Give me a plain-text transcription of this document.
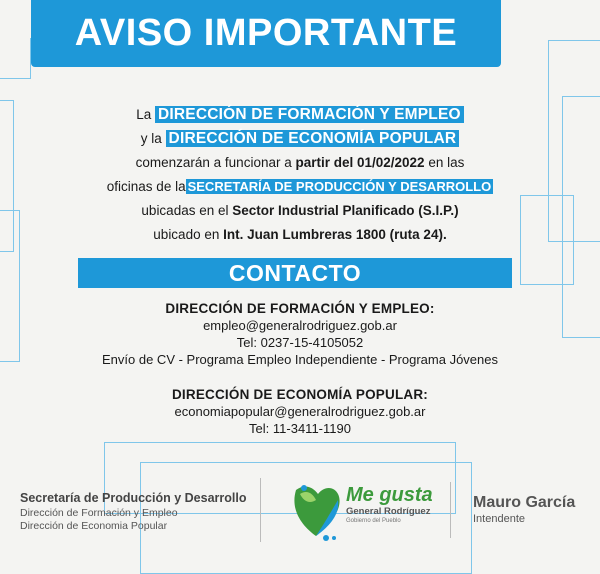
AVISO IMPORTANTE
La DIRECCIÓN DE FORMACIÓN Y EMPLEO
y la DIRECCIÓN DE ECONOMÍA POPULAR
comenzarán a funcionar a partir del 01/02/2022 en las
oficinas de la SECRETARÍA DE PRODUCCIÓN Y DESARROLLO
ubicadas en el Sector Industrial Planificado (S.I.P.)
ubicado en Int. Juan Lumbreras 1800 (ruta 24).
CONTACTO
DIRECCIÓN DE FORMACIÓN Y EMPLEO:
empleo@generalrodriguez.gob.ar
Tel: 0237-15-4105052
Envío de CV - Programa Empleo Independiente - Programa Jóvenes
DIRECCIÓN DE ECONOMÍA POPULAR:
economiapopular@generalrodriguez.gob.ar
Tel: 11-3411-1190
Secretaría de Producción y Desarrollo
Dirección de Formación y Empleo
Dirección de Economia Popular
Me gusta
General Rodríguez
Gobierno del Pueblo
Mauro García
Intendente
